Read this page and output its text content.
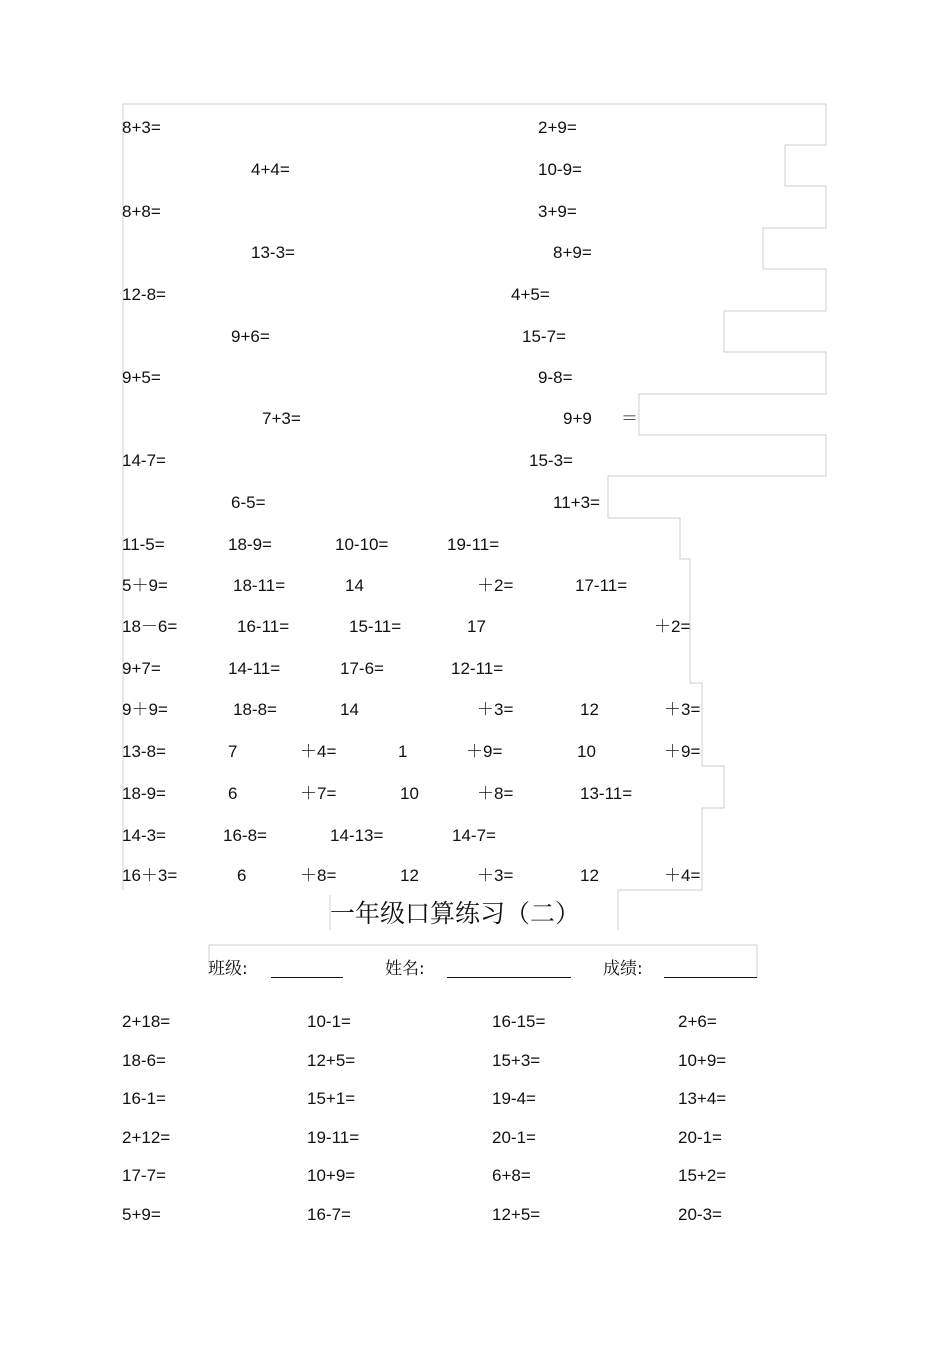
8+3=	2+9=
4+4=	10-9=
8+8=	3+9=
13-3=	8+9=
12-8=	4+5=
9+6=	15-7=
9+5=	9-8=
7+3=	9+9 ＝
14-7=	15-3=
6-5=	11+3=
11-5=	18-9=	10-10=	19-11=
5＋9=	18-11=	14	＋2=	17-11=
18－6=	16-11=	15-11=	17	＋2=
9+7=	14-11=	17-6=	12-11=
9＋9=	18-8=	14	＋3=	12	＋3=
13-8=	7	＋4=	1	＋9=	10	＋9=
18-9=	6	＋7=	10	＋8=	13-11=
14-3=	16-8=	14-13=	14-7=
16＋3=	6	＋8=	12	＋3=	12	＋4=
一年级口算练习（二）
班级:	姓名:	成绩:
2+18=	10-1=	16-15=	2+6=
18-6=	12+5=	15+3=	10+9=
16-1=	15+1=	19-4=	13+4=
2+12=	19-11=	20-1=	20-1=
17-7=	10+9=	6+8=	15+2=
5+9=	16-7=	12+5=	20-3=
